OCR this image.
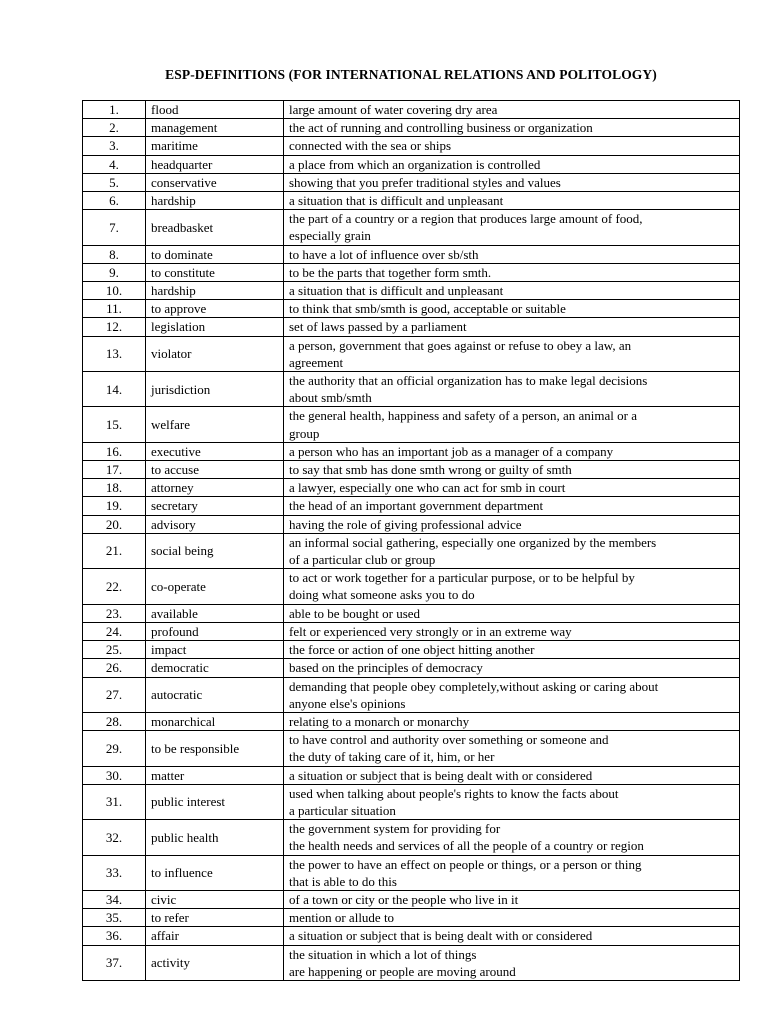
ESP-DEFINITIONS (FOR INTERNATIONAL RELATIONS AND POLITOLOGY)
1.	flood	large amount of water covering dry area

2.	management	the act of running and controlling business or organization

3.	maritime	connected with the sea or ships

4.	headquarter	a place from which an organization is controlled

5.	conservative	showing that you prefer traditional styles and values

6.	hardship	a situation that is difficult and unpleasant

7.	breadbasket	the part of a country or a region that produces large amount of food,
especially grain

8.	to dominate	to have a lot of influence over sb/sth

9.	to constitute	to be the parts that together form smth.

10.	hardship	a situation that is difficult and unpleasant

11.	to approve	to think that smb/smth is good, acceptable or suitable

12.	legislation	set of laws passed by a parliament

13.	violator	a person, government that goes against or refuse to obey a law, an
agreement

14.	jurisdiction	the authority that an official organization has to make legal decisions
about smb/smth

15.	welfare	the general health, happiness and safety of a person, an animal or a
group

16.	executive	a person who has an important job as a manager of a company

17.	to accuse	to say that smb has done smth wrong or guilty of smth

18.	attorney	a lawyer, especially one who can act for smb in court

19.	secretary	the head of an important government department

20.	advisory	having the role of giving professional advice

21.	social being	an informal social gathering, especially one organized by the members
of a particular club or group

22.	co-operate	to act or work together for a particular purpose, or to be helpful by
doing what someone asks you to do

23.	available	able to be bought or used

24.	profound	felt or experienced very strongly or in an extreme way

25.	impact	the force or action of one object hitting another

26.	democratic	based on the principles of democracy

27.	autocratic	demanding that people obey completely,without asking or caring about
anyone else's opinions

28.	monarchical	relating to a monarch or monarchy

29.	to be responsible	to have control and authority over something or someone and
the duty of taking care of it, him, or her

30.	matter	a situation or subject that is being dealt with or considered

31.	public interest	used when talking about people's rights to know the facts about
a particular situation

32.	public health	the government system for providing for
the health needs and services of all the people of a country or region

33.	to influence	the power to have an effect on people or things, or a person or thing
that is able to do this

34.	civic	of a town or city or the people who live in it

35.	to refer	mention or allude to

36.	affair	a situation or subject that is being dealt with or considered

37.	activity	the situation in which a lot of things
are happening or people are moving around
